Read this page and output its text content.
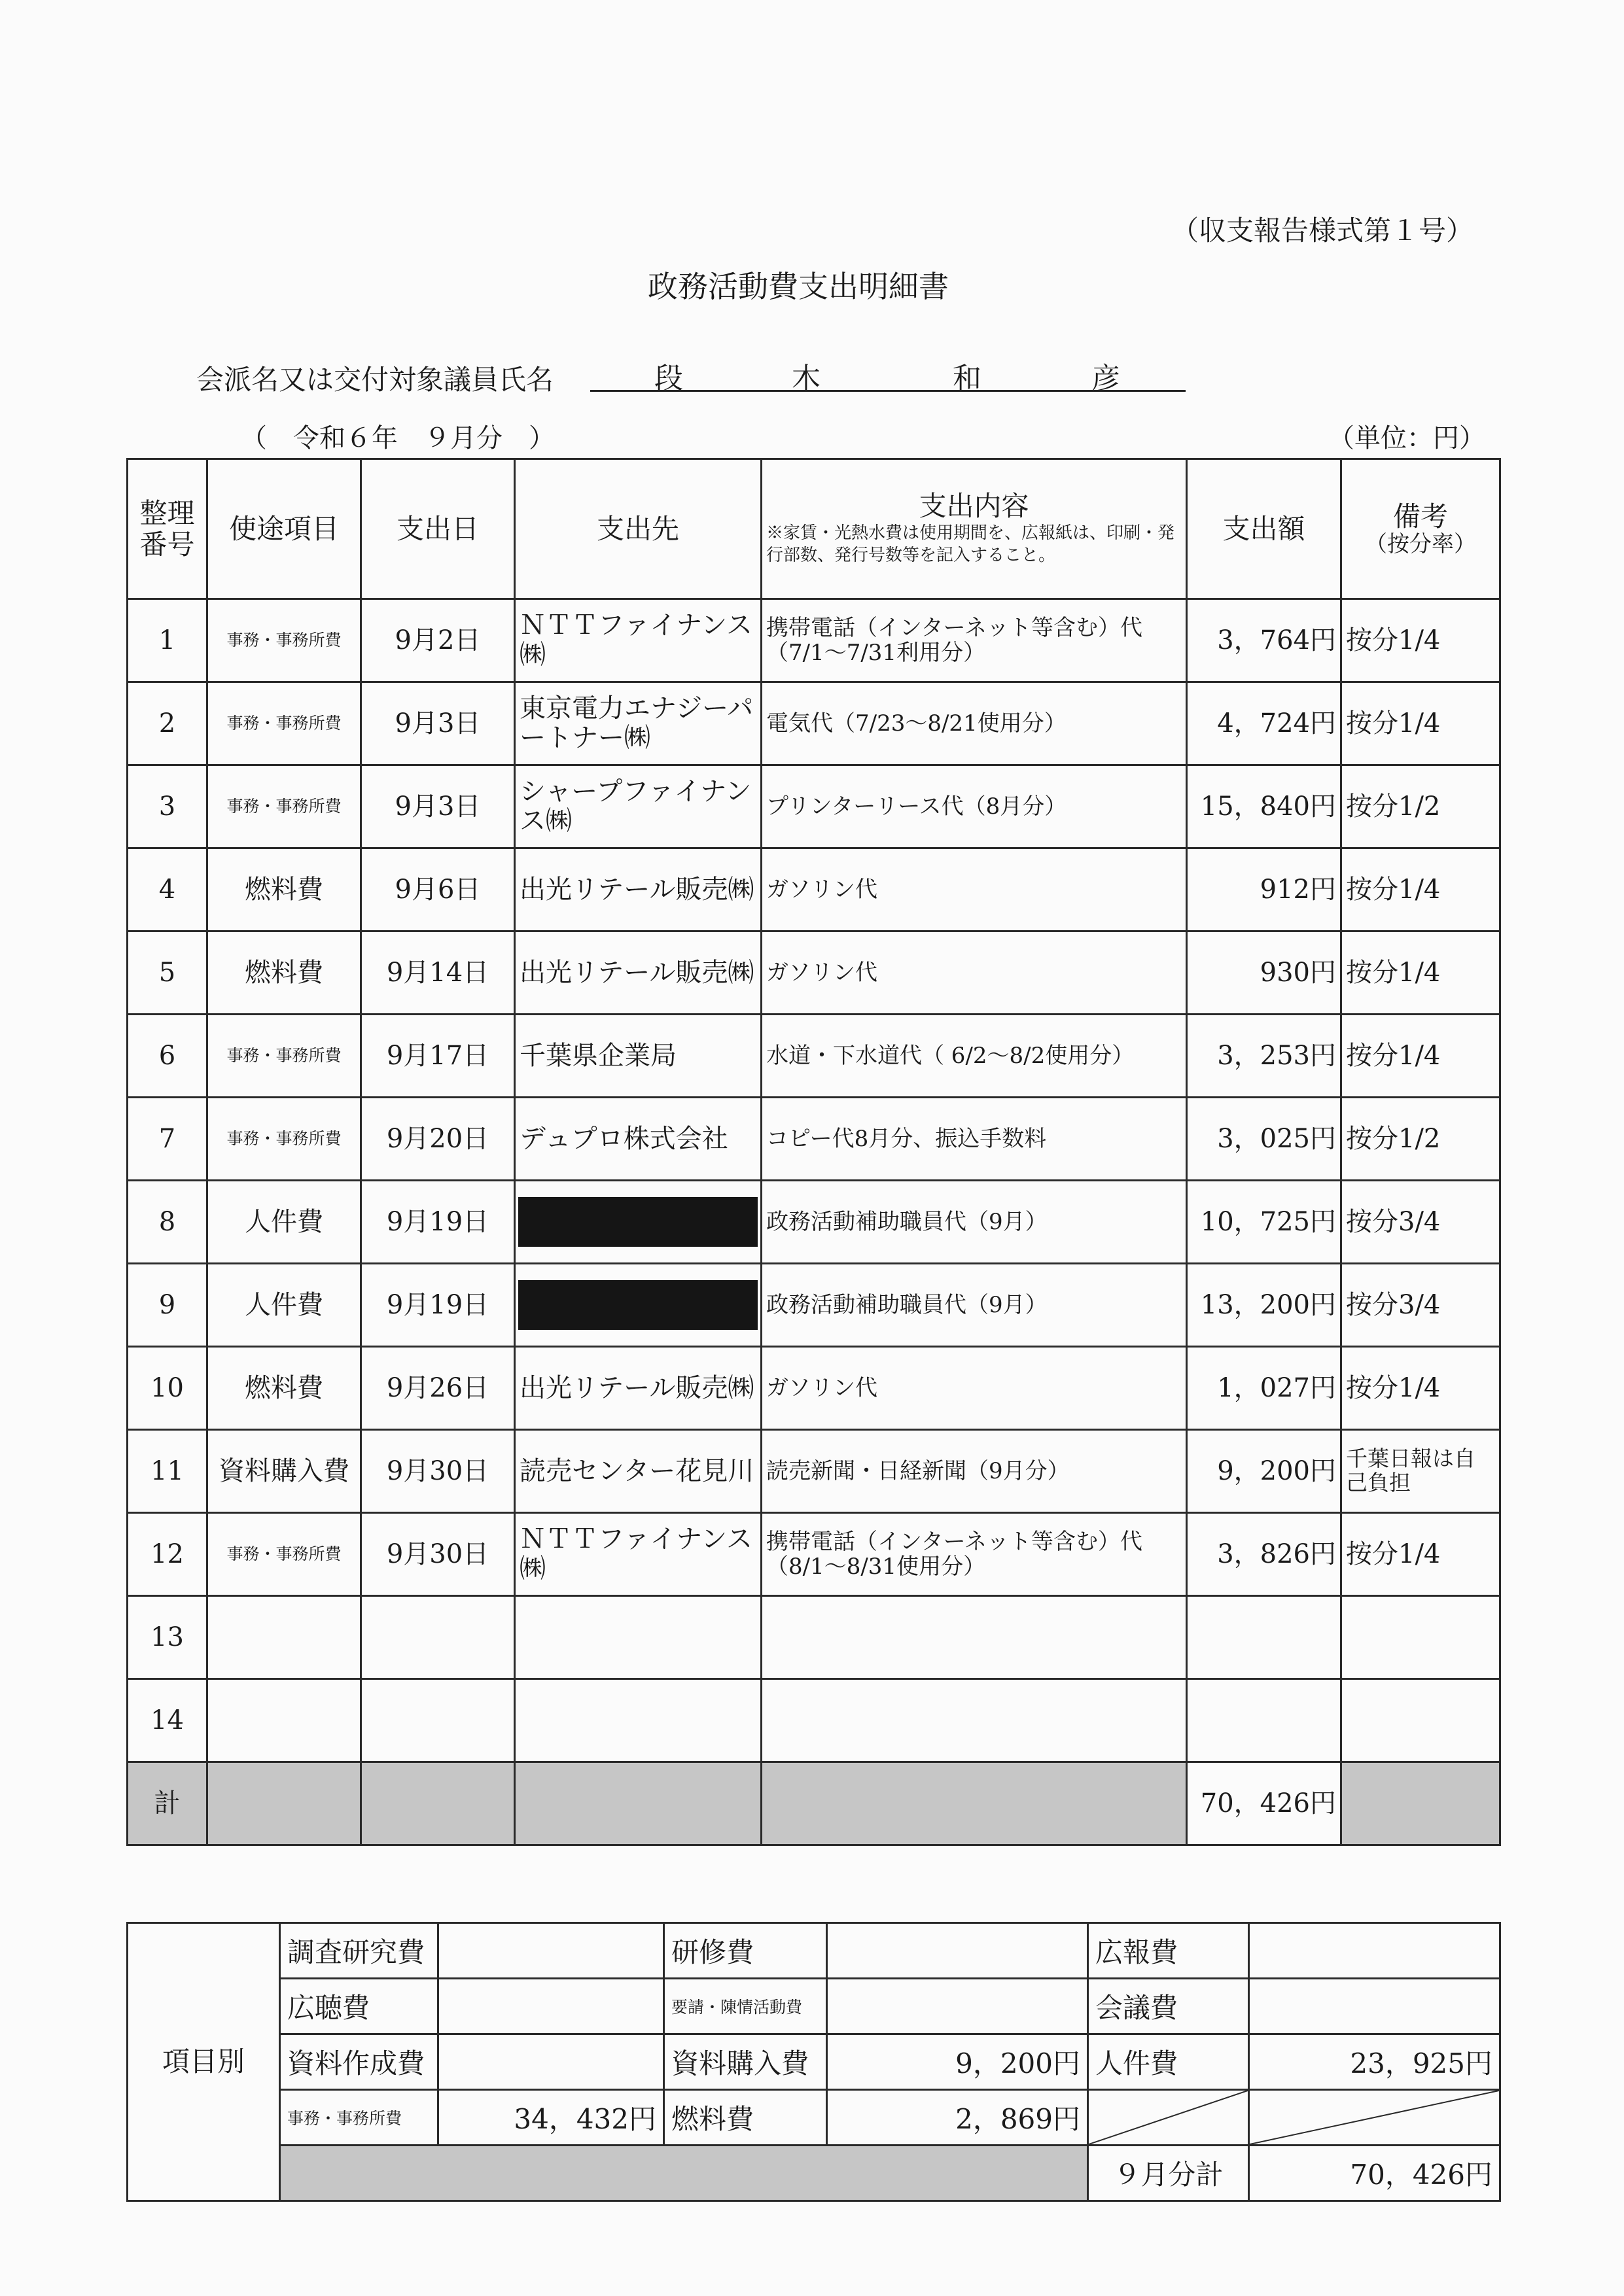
（収支報告様式第１号）
政務活動費支出明細書
会派名又は交付対象議員氏名	段	木	和	彦
（　令和６年　９月分　）	（単位：円）
整理
番号	使途項目	支出日	支出先	支出内容
※家賃・光熱水費は使用期間を、広報紙は、印刷・発行部数、発行号数等を記入すること。	支出額	備考
（按分率）

1	事務・事務所費	9月2日	ＮＴＴファイナンス㈱	携帯電話（インターネット等含む）代
（7/1～7/31利用分）	3，764円	按分1/4
2	事務・事務所費	9月3日	東京電力エナジーパートナー㈱	電気代（7/23～8/21使用分）	4，724円	按分1/4
3	事務・事務所費	9月3日	シャープファイナンス㈱	プリンターリース代（8月分）	15，840円	按分1/2
4	燃料費	9月6日	出光リテール販売㈱	ガソリン代	912円	按分1/4
5	燃料費	9月14日	出光リテール販売㈱	ガソリン代	930円	按分1/4
6	事務・事務所費	9月17日	千葉県企業局	水道・下水道代（ 6/2～8/2使用分）	3，253円	按分1/4
7	事務・事務所費	9月20日	デュプロ株式会社	コピー代8月分、振込手数料	3，025円	按分1/2
8	人件費	9月19日		政務活動補助職員代（9月）	10，725円	按分3/4
9	人件費	9月19日		政務活動補助職員代（9月）	13，200円	按分3/4
10	燃料費	9月26日	出光リテール販売㈱	ガソリン代	1，027円	按分1/4
11	資料購入費	9月30日	読売センター花見川	読売新聞・日経新聞（9月分）	9，200円	千葉日報は自己負担
12	事務・事務所費	9月30日	ＮＴＴファイナンス㈱	携帯電話（インターネット等含む）代
（8/1～8/31使用分）	3，826円	按分1/4
13						
14						
計					70，426円	
項目別	調査研究費		研修費		広報費	
	広聴費		要請・陳情活動費		会議費	
	資料作成費		資料購入費	9，200円	人件費	23，925円
	事務・事務所費	34，432円	燃料費	2，869円	

					９月分計	70，426円
